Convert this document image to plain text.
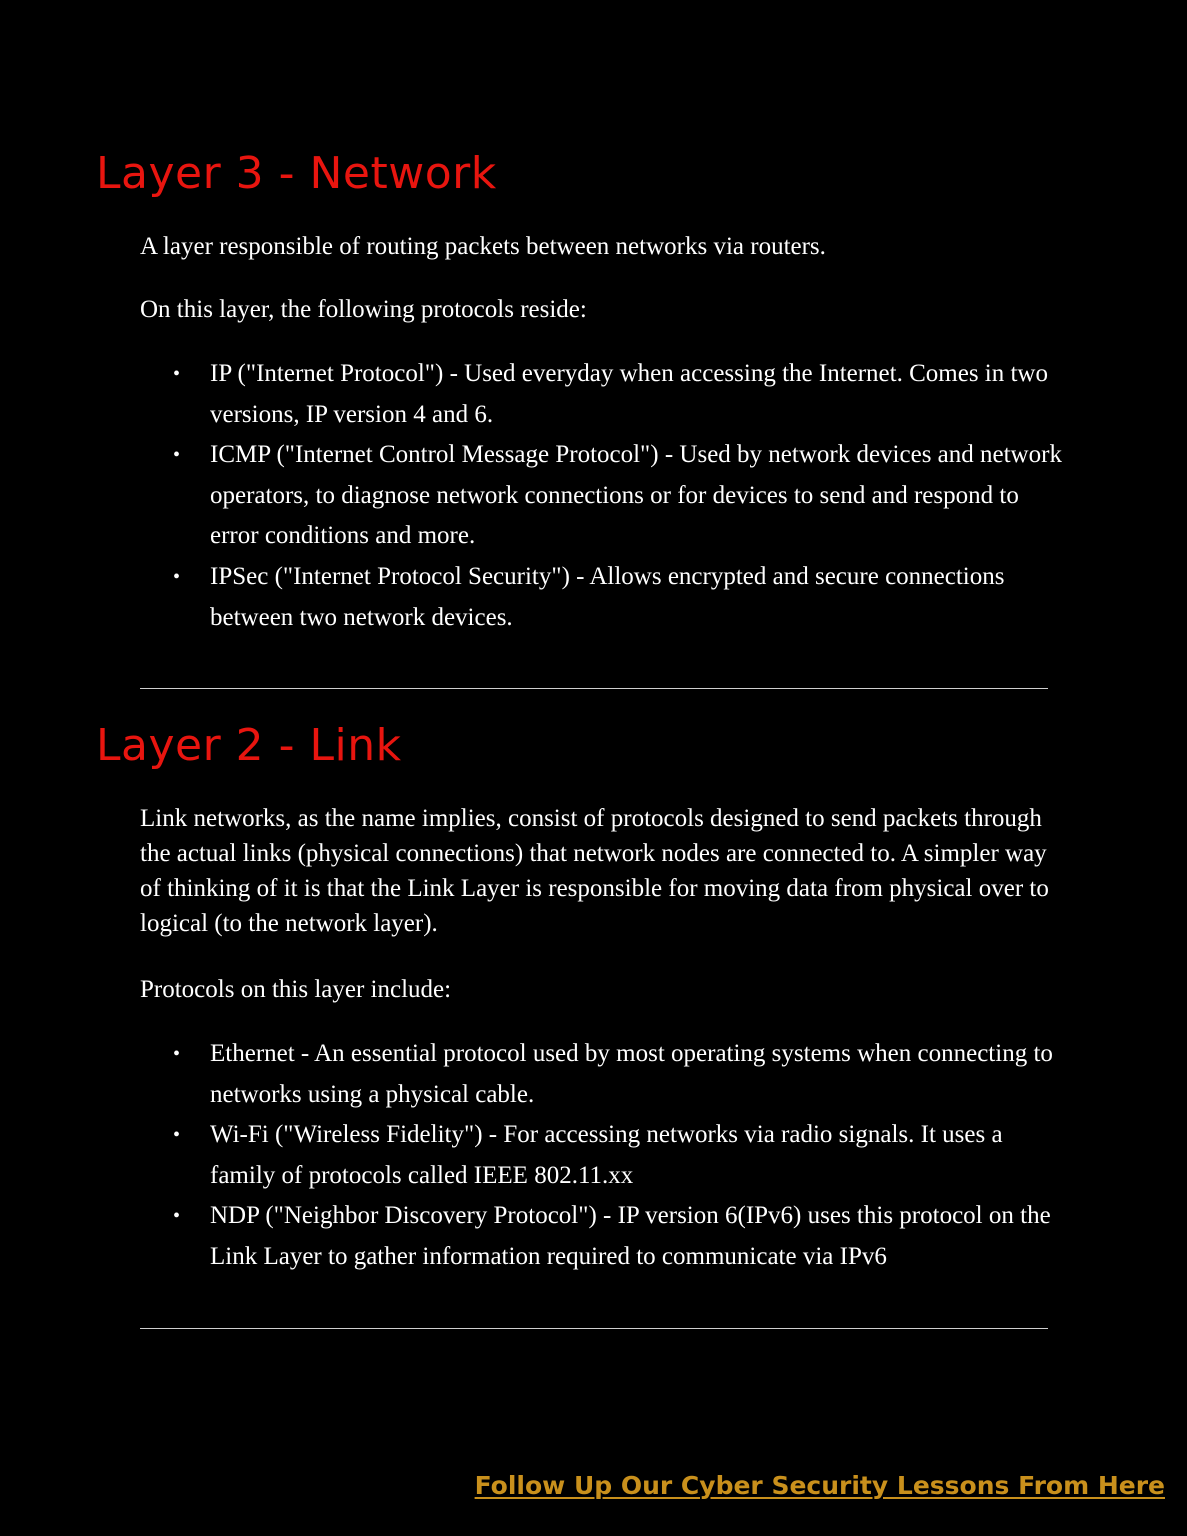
Layer 3 - Network

A layer responsible of routing packets between networks via routers.

On this layer, the following protocols reside:

• IP ("Internet Protocol") - Used everyday when accessing the Internet. Comes in two versions, IP version 4 and 6.
• ICMP ("Internet Control Message Protocol") - Used by network devices and network operators, to diagnose network connections or for devices to send and respond to error conditions and more.
• IPSec ("Internet Protocol Security") - Allows encrypted and secure connections between two network devices.
Layer 2 - Link

Link networks, as the name implies, consist of protocols designed to send packets through the actual links (physical connections) that network nodes are connected to. A simpler way of thinking of it is that the Link Layer is responsible for moving data from physical over to logical (to the network layer).

Protocols on this layer include:

• Ethernet - An essential protocol used by most operating systems when connecting to networks using a physical cable.
• Wi-Fi ("Wireless Fidelity") - For accessing networks via radio signals. It uses a family of protocols called IEEE 802.11.xx
• NDP ("Neighbor Discovery Protocol") - IP version 6(IPv6) uses this protocol on the Link Layer to gather information required to communicate via IPv6
Follow Up Our Cyber Security Lessons From Here
